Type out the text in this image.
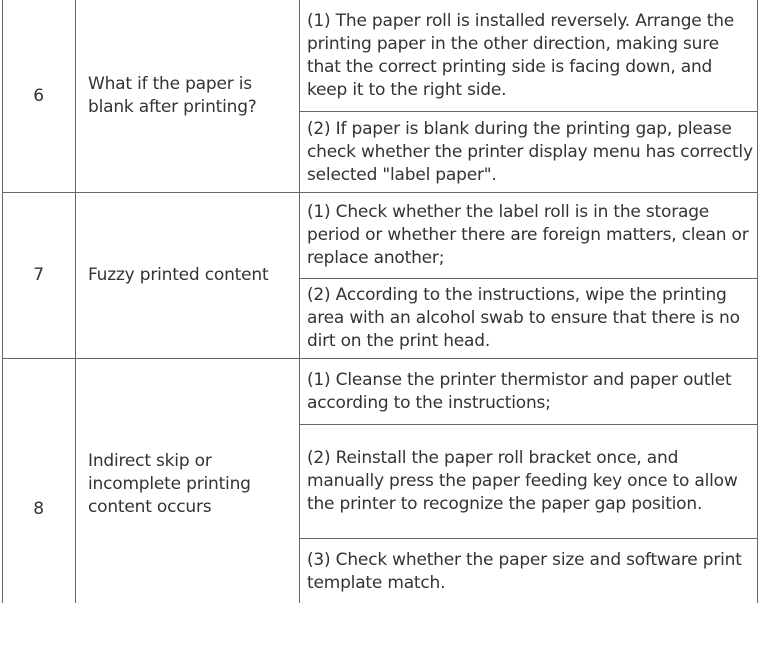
6
What if the paper is blank after printing?
(1) The paper roll is installed reversely. Arrange the printing paper in the other direction, making sure that the correct printing side is facing down, and keep it to the right side.
(2) If paper is blank during the printing gap, please check whether the printer display menu has correctly selected "label paper".
7	Fuzzy printed content
(1) Check whether the label roll is in the storage period or whether there are foreign matters, clean or replace another;
(2) According to the instructions, wipe the printing area with an alcohol swab to ensure that there is no dirt on the print head.
8
Indirect skip or incomplete printing content occurs
(1) Cleanse the printer thermistor and paper outlet according to the instructions;
(2) Reinstall the paper roll bracket once, and manually press the paper feeding key once to allow the printer to recognize the paper gap position.
(3) Check whether the paper size and software print template match.
